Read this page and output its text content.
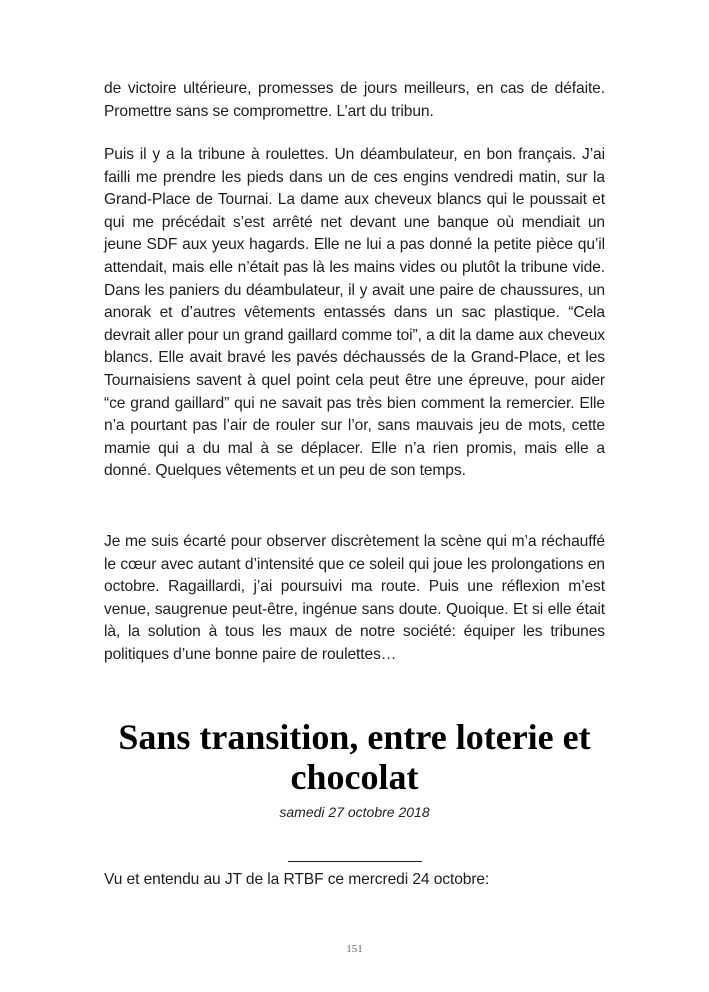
de victoire ultérieure, promesses de jours meilleurs, en cas de défaite. Promettre sans se compromettre. L’art du tribun.

Puis il y a la tribune à roulettes. Un déambulateur, en bon français. J’ai failli me prendre les pieds dans un de ces engins vendredi matin, sur la Grand-Place de Tournai. La dame aux cheveux blancs qui le poussait et qui me précédait s’est arrêté net devant une banque où mendiait un jeune SDF aux yeux hagards. Elle ne lui a pas donné la petite pièce qu’il attendait, mais elle n’était pas là les mains vides ou plutôt la tribune vide. Dans les paniers du déambulateur, il y avait une paire de chaussures, un anorak et d’autres vêtements entassés dans un sac plastique. “Cela devrait aller pour un grand gaillard comme toi”, a dit la dame aux cheveux blancs. Elle avait bravé les pavés déchaussés de la Grand-Place, et les Tournaisiens savent à quel point cela peut être une épreuve, pour aider “ce grand gaillard” qui ne savait pas très bien comment la remercier. Elle n’a pourtant pas l’air de rouler sur l’or, sans mauvais jeu de mots, cette mamie qui a du mal à se déplacer. Elle n’a rien promis, mais elle a donné. Quelques vêtements et un peu de son temps.

Je me suis écarté pour observer discrètement la scène qui m’a réchauffé le cœur avec autant d’intensité que ce soleil qui joue les prolongations en octobre. Ragaillardi, j’ai poursuivi ma route. Puis une réflexion m’est venue, saugrenue peut-être, ingénue sans doute. Quoique. Et si elle était là, la solution à tous les maux de notre société: équiper les tribunes politiques d’une bonne paire de roulettes…

Sans transition, entre loterie et chocolat

samedi 27 octobre 2018

Vu et entendu au JT de la RTBF ce mercredi 24 octobre:

151
